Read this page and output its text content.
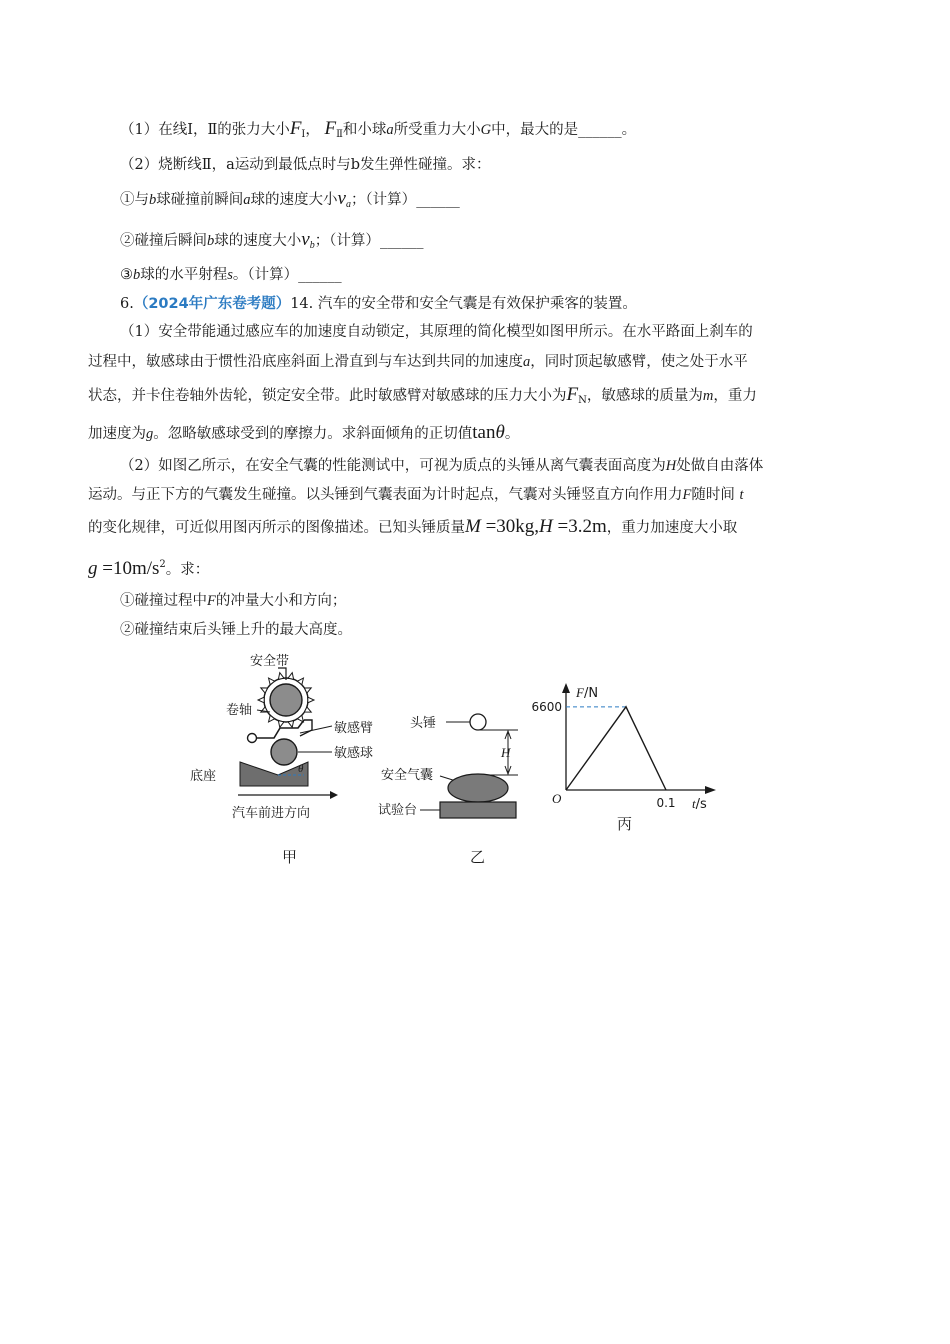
（1）在线Ⅰ，Ⅱ的张力大小$F_Ⅰ$， $F_Ⅱ$和小球a所受重力大小G中，最大的是______。
（2）烧断线Ⅱ，a运动到最低点时与b发生弹性碰撞。求：
①与b球碰撞前瞬间a球的速度大小$v_a$；（计算）______
②碰撞后瞬间b球的速度大小$v_b$；（计算）______
③b球的水平射程s。（计算）______
6.（2024年广东卷考题）14. 汽车的安全带和安全气囊是有效保护乘客的装置。
（1）安全带能通过感应车的加速度自动锁定，其原理的简化模型如图甲所示。在水平路面上刹车的
过程中，敏感球由于惯性沿底座斜面上滑直到与车达到共同的加速度a，同时顶起敏感臂，使之处于水平
状态，并卡住卷轴外齿轮，锁定安全带。此时敏感臂对敏感球的压力大小为$F_N$，敏感球的质量为m，重力
加速度为g。忽略敏感球受到的摩擦力。求斜面倾角的正切值tanθ。
（2）如图乙所示，在安全气囊的性能测试中，可视为质点的头锤从离气囊表面高度为H处做自由落体
运动。与正下方的气囊发生碰撞。以头锤到气囊表面为计时起点，气囊对头锤竖直方向作用力F随时间 t
的变化规律，可近似用图丙所示的图像描述。已知头锤质量M =30kg,H =3.2m，重力加速度大小取
$g =10m/s^2$。求：
①碰撞过程中F的冲量大小和方向；
②碰撞结束后头锤上升的最大高度。
安全带
卷轴
敏感臂
敏感球
θ
底座
汽车前进方向
甲
头锤
H
安全气囊
试验台
乙
F/N
t/s
O
6600
0.1
丙
